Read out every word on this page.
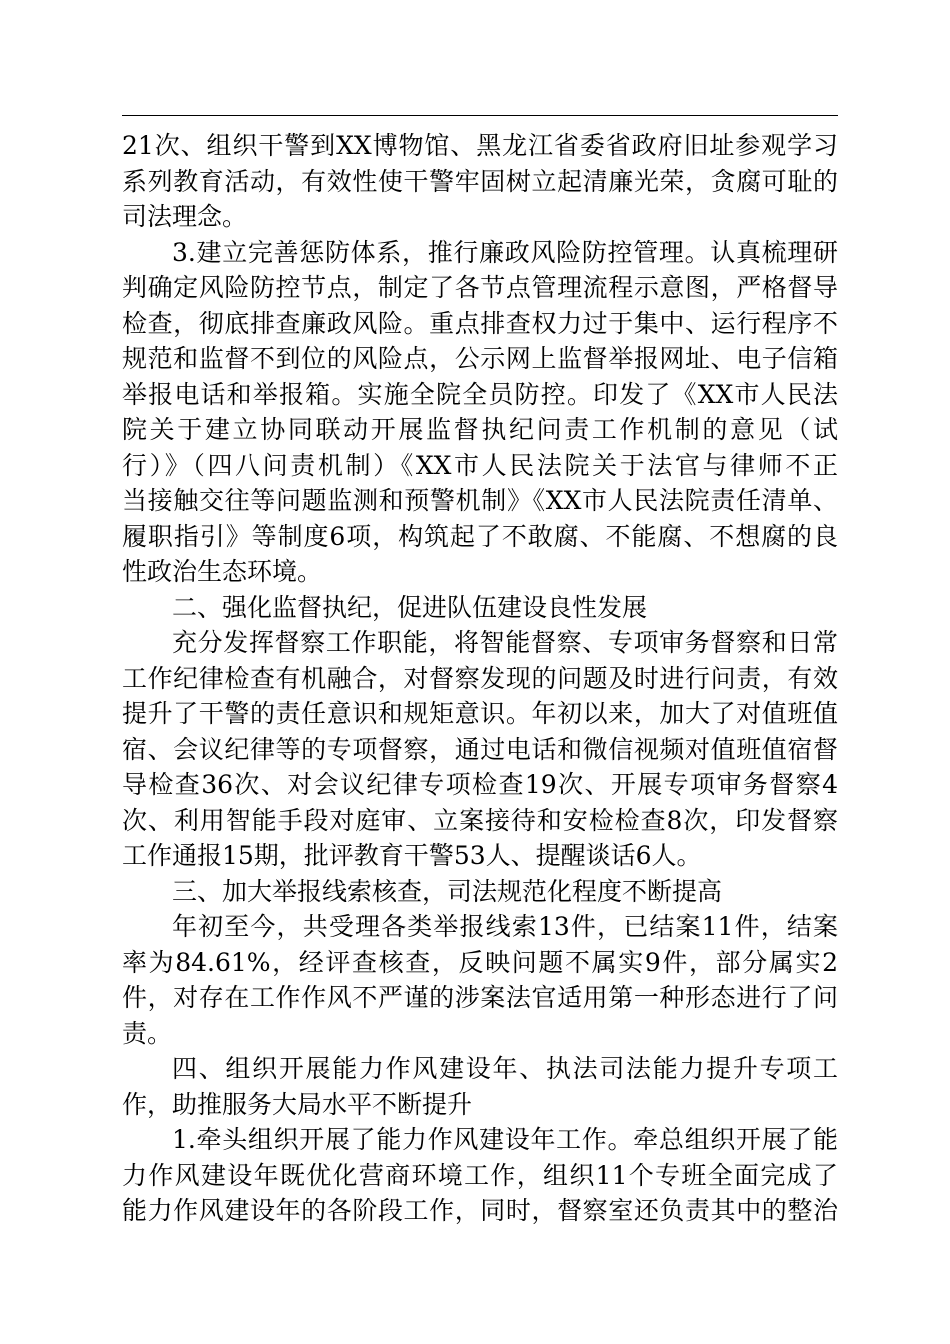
21次、组织干警到XX博物馆、黑龙江省委省政府旧址参观学习
系列教育活动，有效性使干警牢固树立起清廉光荣，贪腐可耻的
司法理念。
3.建立完善惩防体系，推行廉政风险防控管理。认真梳理研
判确定风险防控节点，制定了各节点管理流程示意图，严格督导
检查，彻底排查廉政风险。重点排查权力过于集中、运行程序不
规范和监督不到位的风险点，公示网上监督举报网址、电子信箱
举报电话和举报箱。实施全院全员防控。印发了《XX市人民法
院关于建立协同联动开展监督执纪问责工作机制的意见（试
行）》（四八问责机制）《XX市人民法院关于法官与律师不正
当接触交往等问题监测和预警机制》《XX市人民法院责任清单、
履职指引》等制度6项，构筑起了不敢腐、不能腐、不想腐的良
性政治生态环境。
二、强化监督执纪，促进队伍建设良性发展
充分发挥督察工作职能，将智能督察、专项审务督察和日常
工作纪律检查有机融合，对督察发现的问题及时进行问责，有效
提升了干警的责任意识和规矩意识。年初以来，加大了对值班值
宿、会议纪律等的专项督察，通过电话和微信视频对值班值宿督
导检查36次、对会议纪律专项检查19次、开展专项审务督察4
次、利用智能手段对庭审、立案接待和安检检查8次，印发督察
工作通报15期，批评教育干警53人、提醒谈话6人。
三、加大举报线索核查，司法规范化程度不断提高
年初至今，共受理各类举报线索13件，已结案11件，结案
率为84.61%，经评查核查，反映问题不属实9件，部分属实2
件，对存在工作作风不严谨的涉案法官适用第一种形态进行了问
责。
四、组织开展能力作风建设年、执法司法能力提升专项工
作，助推服务大局水平不断提升
1.牵头组织开展了能力作风建设年工作。牵总组织开展了能
力作风建设年既优化营商环境工作，组织11个专班全面完成了
能力作风建设年的各阶段工作，同时，督察室还负责其中的整治
